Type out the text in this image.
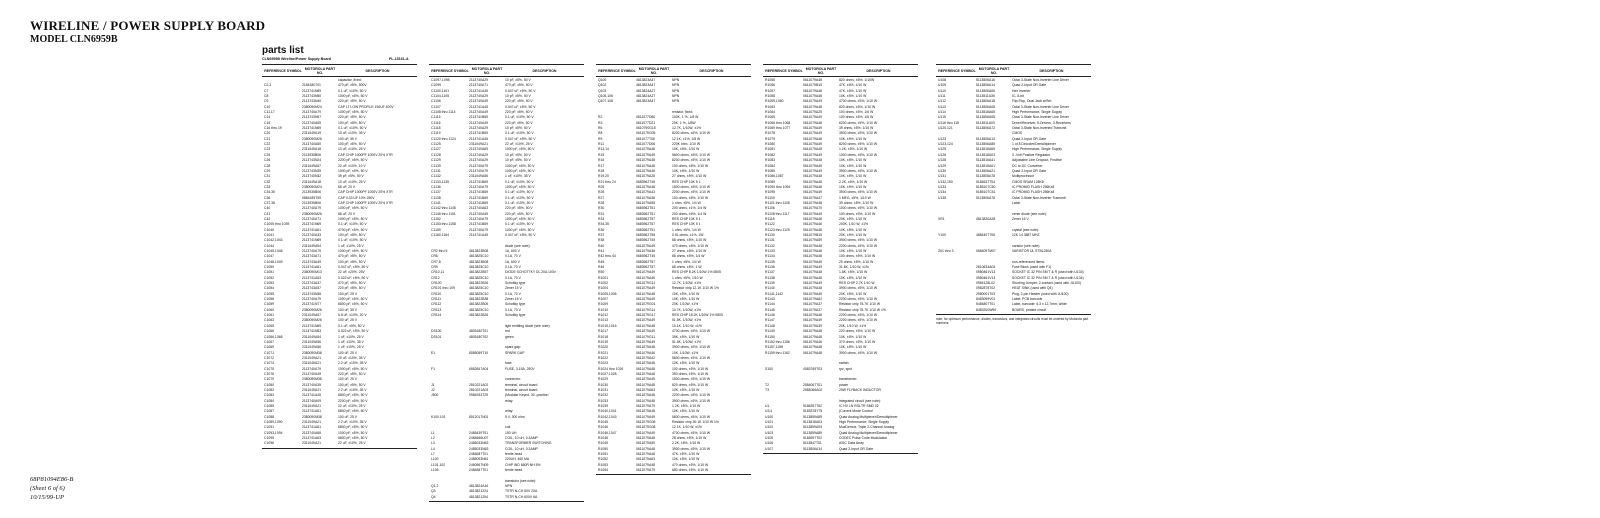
WIRELINE / POWER SUPPLY BOARD
MODEL CLN6959B
parts list
CLN6959B Wireline/Power Supply Board	PL-15161-A
REFERENCE SYMBOL MOTOROLA PART NO.	DESCRIPTION
capacitor, fixed:
C2,3	2184180701	470 pF, ±5%, 500V
C7	2113741N69	0.1 uF, ±10%, 50 V
C8	2113743N50	1000 pF, ±5%, 50 V
C9	2113743N40	220 pF, ±5%, 50 V
C10	2380090M24	CAP LT LOW PROFILE 150UF 400V
C11,17	2113740A79	1000 pF, ±5%, 50 V
C14	2113743N57	220 pF, ±5%, 50 V
C15	2113740A55	100 pF, ±5%, 50 V
C16 thru 19	2113741N69	0.1 uF, ±10%, 50 V
C20	2311049A19	10 uF, ±10%, 35 V
C21	2380090M26	100 uF, 35 V
C22	2113740A50	100 pF, ±5%, 50 V
C23	2311049A18	10 uF, ±10%, 25 V
C25	2113935B06	CAP CHIP 1000PF 1000V 20% X7R
C26	2113743N24	2200 pF, ±5%, 50 V
C28	2311049A57	22 uF, ±10%, 10 V
C29	2113743N39	1000 pF, ±5%, 50 V
C31	2113740N32	39 pF, ±5%, 50 V
C32	2311049A18	10 uF, ±10%, 25 V
C33	2380090M24	68 uF, 20 V
C34,35	2113935B06	CAP CHIP 1000PF 1000V 20% X7R
C36	0884189T59	CAP 0.33 UF 10% 250V
C37,38	2113935B06	CAP CHIP 1000PF 1000V 20% X7R
C40	2113740A79	1000 pF, ±5%, 50 V
C41	2380090M26	68 uF, 20 V
C42	2113740A71	1000 pF, ±5%, 50 V
C1005 thru 1039	2113741N69	0.1 uF, ±10%, 50 V
C1040	2113741A61	4700 pF, ±5%, 50 V
C1041	2113740A33	100 pF, ±5%, 50 V
C1042,1043	2113741N69	0.1 uF, ±10%, 50 V
C1044	2311049A54	1 uF, ±10%, 25 V
C1045,1046	2113740A79	1000 pF, ±5%, 50 V
C1047	2113743A71	470 pF, ±5%, 50 V
C1048,1049	2113743A49	100 pF, ±5%, 50 V
C1050	2113741A61	0.047 uF, ±5%, 50 V
C1051	2380090M13	22 uF, ±20%, 25V
C1052	2113741A53	0.022 uF, ±5%, 50 V
C1053	2113743A37	470 pF, ±5%, 50 V
C1054	2113743A57	220 pF, ±5%, 50 V
C1055	2113743N36	100 pF, 25 V
C1056	2113740A79	1000 pF, ±5%, 50 V
C1059	2113741N77	6800 pF, ±5%, 50 V
C1060	2380090M26	100 uF, 35 V
C1061	2311049A57	6.8 uF, ±10%, 20 V
C1063	2380090M26	100 uF, 25 V
C1065	2113741N69	0.1 uF, ±5%, 50 V
C1066	2113741N53	0.022 uF, ±5%, 50 V
C1066,1068	2311049A54	1 uF, ±10%, 25 V
C1067	2311049A56	1 uF, ±10%, 35 V
C1069	2311049A56	1 uF, ±10%, 25 V
C1071	2380090M38	100 uF, 25 V
C1072	2311049A21	20 uF, ±10%, 35 V
C1074	2311049A21	2.2 uF, ±10%, 35 V
C1075	2113740A79	1000 pF, ±5%, 50 V
C1076	2113740A49	220 pF, ±5%, 50 V
C1079	2380090M38	100 uF, 25 V
C1080	2113740A39	100 pF, ±5%, 50 V
C1082	2311049A21	2.2 uF, ±10%, 35 V
C1083	2113741A45	6800 pF, ±5%, 50 V
C1084	2113740A09	2200 pF, ±5%, 50 V
C1085	2311049A21	22 uF, ±10%, 25 V
C1087	2113741A61	6800 pF, ±5%, 50 V
C1088	2380090M38	100 uF, 25 V
C1089,1090	2311049A21	2.2 uF, ±10%, 35 V
C1091	2113741A61	6800 pF, ±5%, 50 V
C1093,1094	2113740A68	1000 pF, ±5%, 50 V
C1095	2113741A63	6800 pF, ±5%, 50 V
C1096	2311049A21	22 uF, ±10%, 25 V
REFERENCE SYMBOL MOTOROLA PART NO.	DESCRIPTION
C1097,1098	2113740A29	10 pF, ±5%, 50 V
C1099	2113740A71	470 pF, ±5%, 50 V
C1100,1101	2113741A45	0.047 uF, ±5%, 50 V
C1104,1105	2113740A29	10 pF, ±5%, 50 V
C1106	2113740A49	220 pF, ±5%, 50 V
C1107	2113741A45	0.047 uF, ±5%, 50 V
C1108 thru 1114	2113740A49	220 pF, ±5%, 50 V
C1115	2113741B69	0.1 uF, ±10%, 50 V
C1116	2113740A49	220 pF, ±5%, 50 V
C1118	2113740A29	10 pF, ±5%, 50 V
C1119	2113741B69	0.1 uF, ±10%, 50 V
C1120 thru 1124	2113741A45	0.047 uF, ±5%, 50 V
C1125	2311049A21	22 uF, ±10%, 25 V
C1127	2113740A69	1000 pF, ±5%, 50 V
C1128	2113740A29	10 pF, ±5%, 50 V
C1129	2113740A29	10 pF, ±5%, 50 V
C1130	2113740A79	1000 pF, ±5%, 50 V
C1131	2113740A79	1000 pF, ±5%, 50 V
C1132	2311049A56	1 uF, ±10%, 35 V
C1133,1135	2113741B69	0.1 uF, ±10%, 50 V
C1136	2113740A79	1000 pF, ±5%, 50 V
C1137	2113741B69	0.1 uF, ±10%, 50 V
C1138	2113741B69	0.1 uF, ±10%, 50 V
C1141	2113741B69	0.1 uF, ±10%, 50 V
C1142 thru 1145	2113740A63	220 pF, ±5%, 50 V
C1146 thru 1151	2113740A49	220 pF, ±5%, 50 V
C1152	2113740A79	1000 pF, ±5%, 50 V
C1153 thru 1158	2113741B69	0.1 uF, ±10%, 50 V
C1159	2113740A79	1000 pF, ±5%, 50 V
C1160,1164	2113741A45	0.047 uF, ±5%, 50 V
diode (see note):
CR2 thru 5	4813823B08	1A, 600 V
CR6	4813825C10	0.1A, 70 V
CR7,8	4813823B08	1A, 600 V
CR9	4813825C10	0.1A, 70 V
CR10,11	4813822B57	DIODE SCHOTTKY DL 20A 100V
CR12	4813825C10	0.1A, 70 V
CR100	4813822B26	Schottky type
CR101 thru 109	4813825C10	Zener 15 V
CR110	4813825C10	0.1A, 70 V
CR111	4813822B38	Zener 15 V
CR112	4813822B05	Schottky type
CR113	4813825C10	0.1A, 70 V
CR114	4813822B26	Schottky type
light emitting diode (see note):
DS100	4805180T01	red
DS101	4805180T02	green
spark gap:
E1	8085059T10	SPARK GAP
fuse:
F1	6582847A04	FUSE, 3.15A, 250V
connector:
J1	2810221A02	terminal, circuit board
J2	2810221A03	terminal, circuit board
J500	0984933T29	(Modular Keyed, 30 -position
relay:
relay:
K100,101	8012017N01	5 V, 300 ohm
coil:
L1	2485439T01	150 UH
L2	2484666U07	COIL, 10 uH, 0.3AMP
L3	2485033N63	TRANSFORMER SWITCHING
L4	2485033N63	COIL, 10 uH, 0.3AMP
L7	2484687T01	ferrite bead
L100	2485093N61	220UH, 460 MA
L101,102	2460567N09	CHIP IND 680R NH 5%
L106	2484687T01	ferrite bead
transistor (see note):
Q1,2	4813824A16	NPN
Q3	4813821224	TSTR N-CH 60V 20A
Q4	4813821254	TSTR N-CH 600V 6A
REFERENCE SYMBOL MOTOROLA PART NO.	DESCRIPTION
Q100	4813823A47	NPN
Q102	4813823A47	NPN
Q103	4813824A27	NPN
Q105,106	4813824A27	NPN
Q107,108	4813823A47	NPN
resistor, fixed:
R2	0611077D80	100K, 1 %, 1/8 W
R3	0611077D21	20K, 1 %, 1/8W
R6	0610790G15	12.7K, 1/10W, ±1%
R8	0611079G05	8200 ohms, ±5%, 1/10 W
R9	0611077T06	12.1K, ±1%, 1/8 W
R11	0611077D06	220K ohm, 1/10 W
R13,14	0611079A46	10K, ±5%, 1/10 W
R15	0611079A49	5600 ohms, ±5%, 1/10 W
R16	0611079A48	8200 ohms, ±5%, 1/10 W
R17	0611079A48	100 ohms, ±5%, 1/10 W
R18	0611079A46	10K, ±5%, 1/10 W
R19,20	0611079A28	27 ohms, ±5%, 1/10 W
R21 thru 24	0683962T45	RES CHIP 10K 5 1
R25	0611079A48	1500 ohms, ±5%, 1/10 W
R26	0611079A43	2200 ohms, ±5%, 1/10 W
R27	0611079A38	100 ohms, ±5%, 1/10 W
R28	0611079A55	1 ohm, ±5%, 1/4 W
R30	0683962T51	200 ohms, ±1%, 1/4 W
R31	0683962T51	200 ohms, ±5%, 1/4 W
R33	0683962T57	RES CHIP 10K 5 1
R34,35	0683962T57	RES CHIP 10K 5 1
R36	0683962T51	1 ohm, ±5%, 1/4 W
R37	0683962T58	0.51 ohms, ±1%, 1W
R38	0683962T45	68 ohms, ±5%, 1/10 W
R40	0611079A49	470 ohms, ±5%, 1/10 W
R41	0611079A36	27 ohms, ±5%, 1/10 W
R42 thru 44	0683962T45	68 ohms, ±5%, 1/4 W
R45	0683962T57	1 ohm, ±5%, 1/4 W
R46	0683962T57	68 ohms, ±5%, 1 W
R50	0611079A49	RES CHIP 8.2K 1/10W 1% 0805
R1001	0611079A46	1 ohm, ±5%, 1/10 W
R1002	0611079G11	12.7K, 1/10W, ±1%
R1004	0611079A49	Resistor chip 12.1K 1/10 W 1%
R1005,1006	0611079A48	10K, ±5%, 1/10 W
R1007	0611079A49	10K, ±5%, 1/10 W
R1009	0611079G01	20K, 1/10W, ±1%
R1010	0611079G11	10.7K, 1/10W, ±1%
R1012	0611079G17	RES CHIP 18.2K 1/10W 1% 0805
R1013	0611079A49	51.5K, 1/10W, ±1%
R1015,1016	0611079A48	10.1K, 1/10 W, ±1%
R1017	0611079A49	4700 ohms, ±5%, 1/10 W
R1018	0611079G11	39K, ±5%, 1/10 W
R1019	0611079A49	51.5K, 1/10W, ±1%
R1020	0611079A48	3900 ohms, ±5%, 1/10 W
R1021	0611079A46	10K, 1/10W, ±1%
R1022	0611079A42	5600 ohms, ±5%, 1/10 W
R1023	0611079A48	10K, ±5%, 1/10 W
R1024 thru 1026	0611079A48	100 ohms, ±5%, 1/10 W
R1027,1028	0611079A48	390 ohms, ±5%, 1/10 W
R1029	0611079A49	1500 ohms, ±5%, 1/10 W
R1030	0611079A48	820 ohms, ±5%, 1/10 W
R1031	0611079A63	10K, ±5%, 1/10 W
R1032	0611079A48	2200 ohms, ±5%, 1/10 W
R1033	0611079A48	3900 ohms, ±5%, 1/10 W
R1039	0611079A79	1.2K, ±5%, 1/10 W
R1040,1041	0611079A48	10K, ±5%, 1/10 W
R1042,1043	0611079A49	5600 ohms, ±5%, 1/10 W
R1045	0611079G08	Resistor chip 30.1K 1/10 W 1%
R1046	0611079G08	12.1K, 1/10 W, ±1%
R1046,1047	0611079A49	4700 ohms, ±5%, 1/10 W
R1048	0611079A48	28 ohms, ±5%, 1/10 W
R1049	0611079A59	2.2K, ±5%, 1/10 W
R1050	0611079A48	3900 ohms, ±5%, 1/10 W
R1051	0611079A48	47K, ±5%, 1/10 W
R1052	0611079A63	10K, ±5%, 1/10 W
R1053	0611079A48	470 ohms, ±5%, 1/10 W
R1054	0611079A79	680 ohms, ±5%, 1/10 W
REFERENCE SYMBOL MOTOROLA PART NO.	DESCRIPTION
R1055	0611079A48	820 ohms, ±5%, 1/10W
R1056	0611079B15	47K, ±5%, 1/10 W
R1057	0611079A48	47K, ±5%, 1/10 W
R1058	0611079A48	10K, ±5%, 1/10 W
R1059,1060	0611079A49	4700 ohms, ±5%, 1/10 W
R1063	0611079A48	820 ohms, ±5%, 1/10 W
R1064	0611079A25	100 ohms, ±5%, 1/6 W
R1065	0611079A49	100 ohms, ±5%, 1/6 W
R1066 thru 1068	0611079A48	6200 ohms, ±5%, 1/10 W
R1069 thru 1077	0611079A49	39 ohms, ±5%, 1/10 W
R1078	0611079A49	3900 ohms, ±5%, 1/10 W
R1079	0611079A48	10K, ±5%, 1/10 W
R1080	0611079A49	8200 ohms, ±5%, 1/10 W
R1081	0611079A48	1.2K, ±5%, 1/10 W
R1082	0611079A49	1000 ohms, ±5%, 1/10 W
R1083	0611079A48	10K, ±5%, 1/10 W
R1084	0611079A49	10K, ±5%, 1/10 W
R1085	0611079A49	3900 ohms, ±5%, 1/10 W
R1086,1087	0611079A48	10K, ±5%, 1/10 W
R1089	0611079A48	2.2K, ±5%, 1/10 W
R1090 thru 1094	0611079A48	10K, ±5%, 1/10 W
R1095	0611079A49	3900 ohms, ±5%, 1/10 W
R1100	0611079A47	1 MEG, ±5%, 1/10 W
R1101 thru 1105	0611079A48	39 ohms, ±5%, 1/10 W
R1106	0611079A70	1000 ohms, ±5%, 1/10 W
R1108 thru 1117	0611079A49	100 ohms, ±5%, 1/10 W
R1118	0611079A48	20K, ±5%, 1/10 W
R1122	0611079A46	200K, 1/10 W, ±1%
R1123 thru 1129	0611079A48	10K, ±5%, 1/10 W
R1130	0611079B15	20K, ±5%, 1/10 W
R1131	0611079A59	3900 ohms, ±5%, 1/10 W
R1132	0611079A48	2200 ohms, ±5%, 1/10 W
R1133	0611079A48	10K, ±5%, 1/10 W
R1134	0611079A48	100 ohms, ±5%, 1/10 W
R1135	0611079A49	20 ohms, ±5%, 1/10 W
R1136	0611079A49	31.6K, 1/10 W, ±1%
R1137	0611079A48	1.8K, ±5%, 1/10 W
R1138	0611079A48	10K, ±5%, 1/10 W
R1139	0611079A49	RES CHIP 2.7K 1/10 W
R1140	0611079A48	3900 ohms, ±5%, 1/10 W
R1141,1142	0611079A49	20K, ±5%, 1/10 W
R1143	0611079A62	2200 ohms, ±5%, 1/10 W
R1144	0611079A37	Resistor chip 78.7K 1/10 W
R1145	0611079A37	Resistor chip 78.7K 1/10 W 1%
R1146	0611079A48	2200 ohms, ±5%, 1/10 W
R1147	0611079A49	2200 ohms, ±5%, 1/10 W
R1148	0611079A39	20K, 1/10 W, ±1%
R1149	0611079A48	220 ohms, ±5%, 1/10 W
R1150	0611079A48	10K, ±5%, 1/10 W
R1152 thru 1156	0611079A46	370 ohms, ±5%, 1/10 W
R1157,1158	0611079A48	10K, ±5%, 1/10 W
R1159 thru 1162	0611079A48	3900 ohms, ±5%, 1/10 W
switch:
S100	4083769T03	rpz, spst
transformer:
T2	2584067T01	power
T3	2584066A02	25W FLYBACK INDUCTOR
integrated circuit (see note):
U1	5186357T62	IC HV LN RGLTR SMD 02
U3,4	5183378Y75	(Current Mode Control
U100	5113859A89	Quad Analog Multiplexer/Demultiplexer
U101	5113818A03	High Performance, Single Supply
U102	5113859A93	MuxDemux, Triple 2-Channel Analog
U103	5113859A89	Quad Analog Multiplexer/Demultiplexer
U105	5184697T02	CODEC Pulse Code Modulation
U106	5113847T01	ASIC Data Array
U107	5113806A14	Quad 2-Input OR Gate
REFERENCE SYMBOL MOTOROLA PART NO.	DESCRIPTION
U108	5113806A16	Octal 3-State Non-Inverter Line Driver
U109	5113806A14	Quad 2-Input OR Gate
U110	5113806A06	Hex Inverter
U111	5113811A35	IC, 8-bit
U112	5113806A18	Flip-Flop, Dual Jack w/Set
U113	5113806A08	Octal 3-State Non-Inverter Line Driver
U114	5113818A65	High Performance, Single Supply
U115	5113806A08	Octal 3-State Non-Inverter Line Driver
U116 thru 118	5113811A03	Driver/Receiver, 5-Drivers, 3-Receivers
U120,121	5113806A72	Octal 3-State Non-Inverted Transmit
CMOS
U123	5113806A13	Quad 2-Input OR Gate
U123,124	5113806A85	1 of 8 Decoder/Demultiplexer
U125	5113818A65	High Performance, Single Supply
U126	5113818A03	3 -Volt Positive Regulator
U128	5113816A41	Adjustable Line Dropout, Positive
U129	5113815A01	DC to DC Converter
U130	5113806A21	Quad 2-Input OR Gate
U131	5113808A78	Multiprocessor
U132,150	5184637T04	CMOS SRAM 128K8
U133	5185107C50	IC PROMID FLASH 256Kx8
U134	5185107C51	IC PROMID FLASH 256Kx8
U135	5113806A78	Octal 3-State Non-Inverter Transmit
Latch
zener diode (see note):
VR1	4813830A28	Zener 16 V
crystal (see note):
Y100	4884407T06	12K 14.3887 MHZ
varistor (see note):
Z61 thru 3	0684097M07	VARISTOR UL STBL250A
non-referenced items:
2810634A04	Fuse Block (used with F1)
0980461V13	SOCKET IC 32 PIN SM T & R (used with U133)
0980461V13	SOCKET IC 32 PIN SM T & R (used with U134)
0984128L02	Shorting Jumper; 2-contact (used with JU100)
0982878T02	HEAT SINK (used with Q4)
2980001T03	Plug, 2-pin Header (used with JU100)
8483099V01	Label, PCB barcode
5484807T01	Label, barcode: 6.3 x 12.7mm, white
8483200W90	BOARD, printed circuit
note: for optimum performance, diodes, transistors, and integrated circuits must be ordered by Motorola part numbers.
68P81094E86-B
(Sheet 6 of 6)
10/15/99-UP
